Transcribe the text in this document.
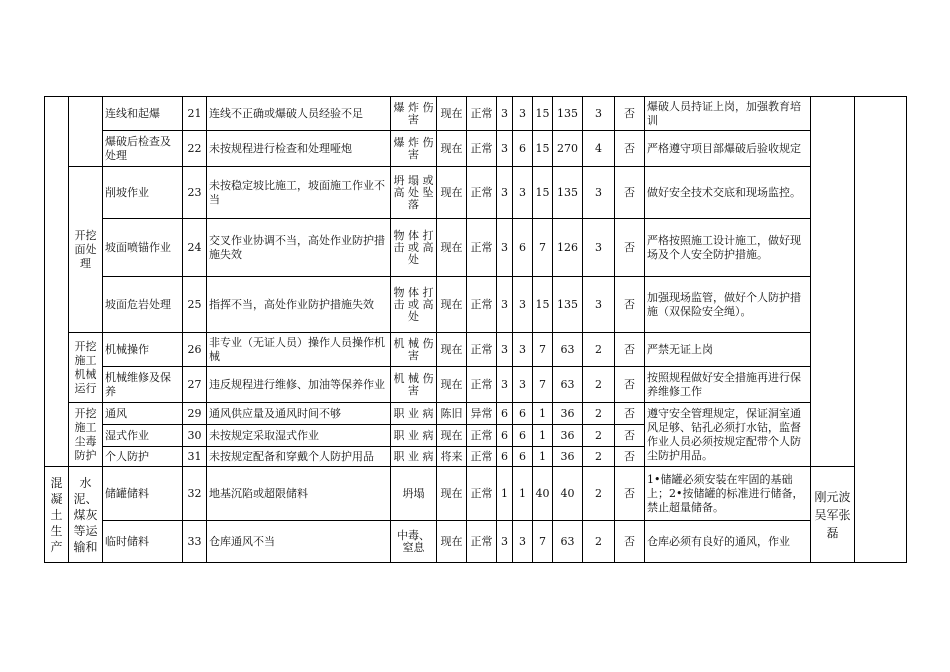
		连线和起爆	21	连线不正确或爆破人员经验不足	爆 炸 伤 害	现在	正常	3	3	15	135	3	否	爆破人员持证上岗，加强教育培训		
		爆破后检查及处理	22	未按规程进行检查和处理哑炮	爆 炸 伤 害	现在	正常	3	6	15	270	4	否	严格遵守项目部爆破后验收规定		
	开挖面处理	削坡作业	23	未按稳定坡比施工，坡面施工作业不当	坍 塌 或 高 处 坠 落	现在	正常	3	3	15	135	3	否	做好安全技术交底和现场监控。		
		坡面喷锚作业	24	交叉作业协调不当，高处作业防护措施失效	物 体 打 击 或 高 处	现在	正常	3	6	7	126	3	否	严格按照施工设计施工，做好现场及个人安全防护措施。		
		坡面危岩处理	25	指挥不当，高处作业防护措施失效	物 体 打 击 或 高 处	现在	正常	3	3	15	135	3	否	加强现场监管，做好个人防护措施（双保险安全绳）。		
	开挖施工机械运行	机械操作	26	非专业（无证人员）操作人员操作机械	机 械 伤 害	现在	正常	3	3	7	63	2	否	严禁无证上岗		
		机械维修及保养	27	违反规程进行维修、加油等保养作业	机 械 伤 害	现在	正常	3	3	7	63	2	否	按照规程做好安全措施再进行保养维修工作		
	开挖施工尘毒防护	通风	29	通风供应量及通风时间不够	职 业 病	陈旧	异常	6	6	1	36	2	否	遵守安全管理规定，保证洞室通风足够、钻孔必须打水钻，监督作业人员必须按规定配带个人防尘防护用品。		
		湿式作业	30	未按规定采取湿式作业	职 业 病	现在	正常	6	6	1	36	2	否			
		个人防护	31	未按规定配备和穿戴个人防护用品	职 业 病	将来	正常	6	6	1	36	2	否			
混凝土生产	水泥、煤灰等运输和	储罐储料	32	地基沉陷或超限储料	坍塌	现在	正常	1	1	40	40	2	否	1•储罐必须安装在牢固的基础上；2•按储罐的标准进行储备，禁止超量储备。	刚元波吴军张磊	
		临时储料	33	仓库通风不当	中毒、窒息	现在	正常	3	3	7	63	2	否	仓库必须有良好的通风，作业		
